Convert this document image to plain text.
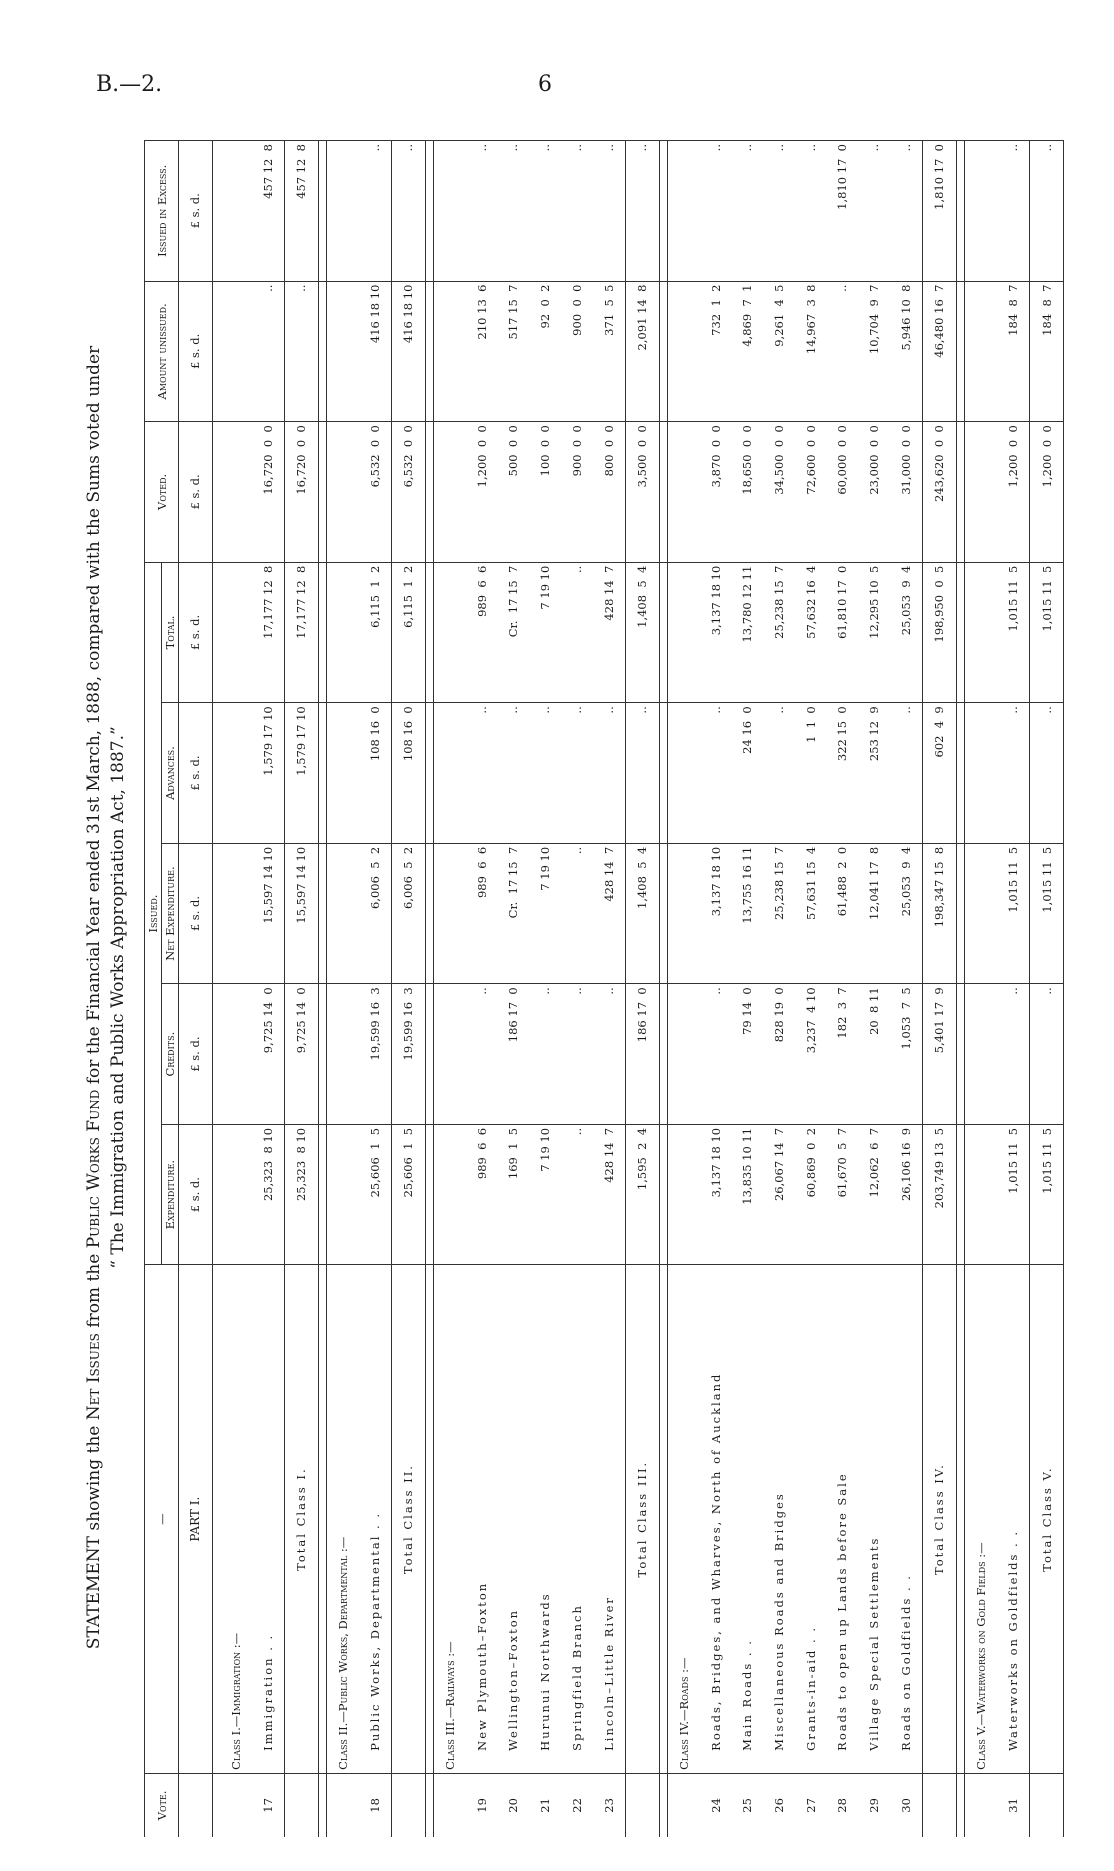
B.—2.	6
STATEMENT showing the Net Issues from the Public Works Fund for the Financial Year ended 31st March, 1888, compared with the Sums voted under “ The Immigration and Public Works Appropriation Act, 1887.”
Vote.	—	Issued.					Voted.	Amount unissued.	Issued in Excess.
		Expenditure.	Credits.	Net Expenditure.	Advances.	Total.			
	PART I.	£ s. d.	£ s. d.	£ s. d.	£ s. d.	£ s. d.	£ s. d.	£ s. d.	£ s. d.

	Class I.—Immigration :—								
17	Immigration . .	25,323  8 10	9,725 14  0	15,597 14 10	1,579 17 10	17,177 12  8	16,720  0  0	..	457 12  8
	Total Class I.	25,323  8 10	9,725 14  0	15,597 14 10	1,579 17 10	17,177 12  8	16,720  0  0	..	457 12  8

	Class II.—Public Works, Departmental :—								
18	Public Works, Departmental . .	25,606  1  5	19,599 16  3	6,006  5  2	108 16  0	6,115  1  2	6,532  0  0	416 18 10	..
	Total Class II.	25,606  1  5	19,599 16  3	6,006  5  2	108 16  0	6,115  1  2	6,532  0  0	416 18 10	..

	Class III.—Railways :—								
19	New Plymouth–Foxton	989  6  6	..	989  6  6	..	989  6  6	1,200  0  0	210 13  6	..
20	Wellington–Foxton	169  1  5	186 17  0	Cr.  17 15  7	..	Cr.  17 15  7	500  0  0	517 15  7	..
21	Hurunui Northwards	7 19 10	..	7 19 10	..	7 19 10	100  0  0	92  0  2	..
22	Springfield Branch	..	..	..	..	..	900  0  0	900  0  0	..
23	Lincoln–Little River	428 14  7	..	428 14  7	..	428 14  7	800  0  0	371  5  5	..
	Total Class III.	1,595  2  4	186 17  0	1,408  5  4	..	1,408  5  4	3,500  0  0	2,091 14  8	..

	Class IV.—Roads :—								
24	Roads, Bridges, and Wharves, North of Auckland	3,137 18 10	..	3,137 18 10	..	3,137 18 10	3,870  0  0	732  1  2	..
25	Main Roads . .	13,835 10 11	79 14  0	13,755 16 11	24 16  0	13,780 12 11	18,650  0  0	4,869  7  1	..
26	Miscellaneous Roads and Bridges	26,067 14  7	828 19  0	25,238 15  7	..	25,238 15  7	34,500  0  0	9,261  4  5	..
27	Grants-in-aid . .	60,869  0  2	3,237  4 10	57,631 15  4	1  1  0	57,632 16  4	72,600  0  0	14,967  3  8	..
28	Roads to open up Lands before Sale	61,670  5  7	182  3  7	61,488  2  0	322 15  0	61,810 17  0	60,000  0  0	..	1,810 17  0
29	Village Special Settlements	12,062  6  7	20  8 11	12,041 17  8	253 12  9	12,295 10  5	23,000  0  0	10,704  9  7	..
30	Roads on Goldfields . .	26,106 16  9	1,053  7  5	25,053  9  4	..	25,053  9  4	31,000  0  0	5,946 10  8	..
	Total Class IV.	203,749 13  5	5,401 17  9	198,347 15  8	602  4  9	198,950  0  5	243,620  0  0	46,480 16  7	1,810 17  0

	Class V.—Waterworks on Gold Fields :—								
31	Waterworks on Goldfields . .	1,015 11  5	..	1,015 11  5	..	1,015 11  5	1,200  0  0	184  8  7	..
	Total Class V.	1,015 11  5	..	1,015 11  5	..	1,015 11  5	1,200  0  0	184  8  7	..
